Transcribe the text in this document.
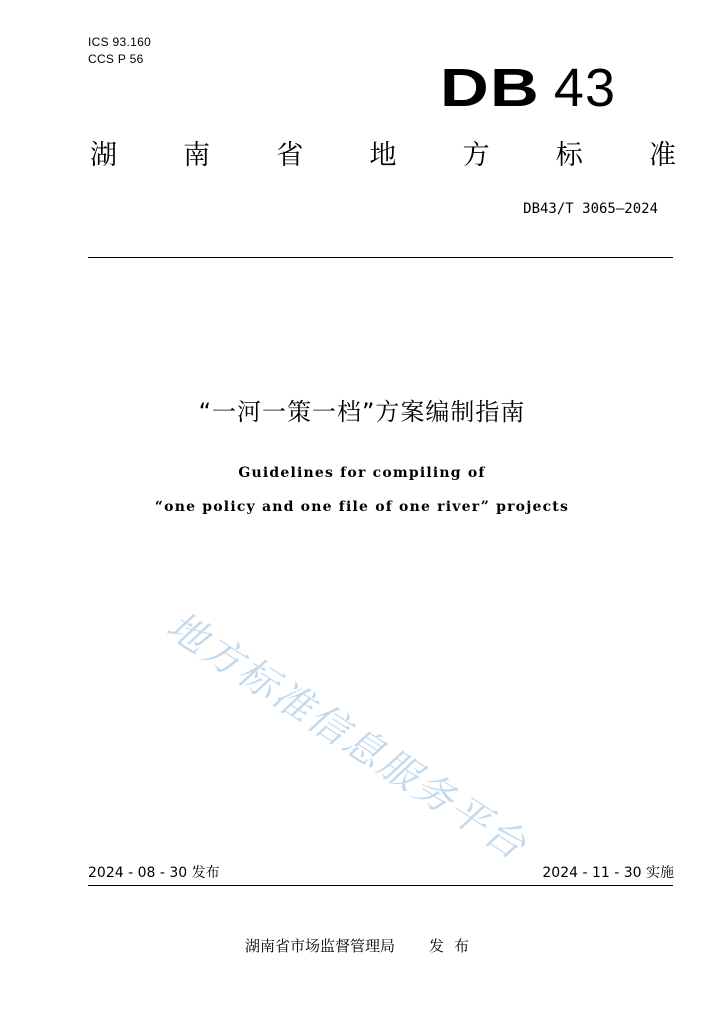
ICS 93.160
CCS P 56	DB 43
湖 南 省 地 方 标 准
DB43/T 3065—2024
“一河一策一档”方案编制指南
Guidelines for compiling of
“one policy and one file of one river” projects
地方标准信息服务平台
2024 - 08 - 30 发布	2024 - 11 - 30 实施
湖南省市场监督管理局 发布
